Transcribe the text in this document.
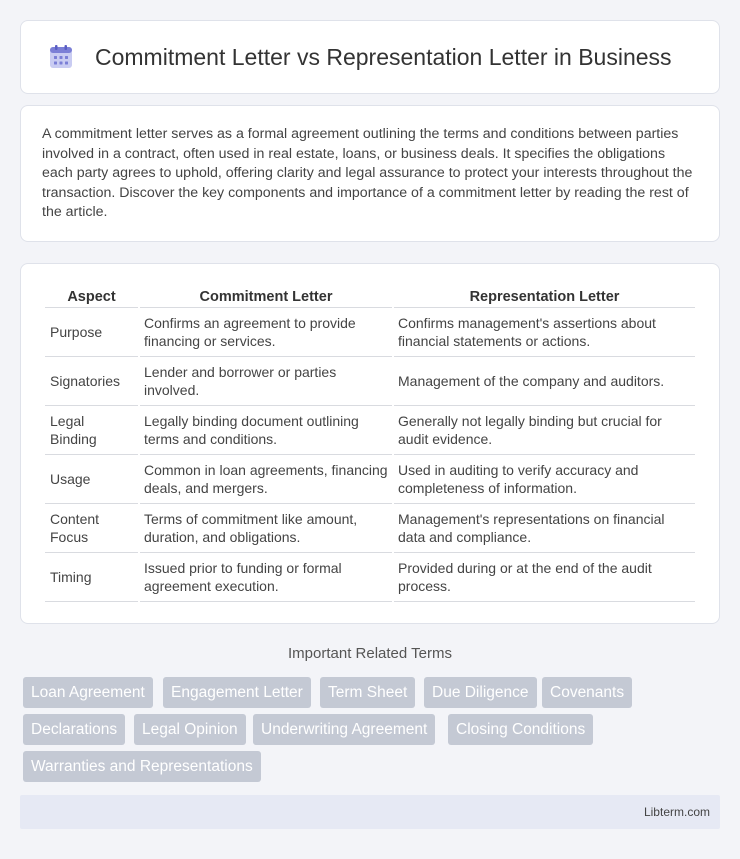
Commitment Letter vs Representation Letter in Business

A commitment letter serves as a formal agreement outlining the terms and conditions between parties involved in a contract, often used in real estate, loans, or business deals. It specifies the obligations each party agrees to uphold, offering clarity and legal assurance to protect your interests throughout the transaction. Discover the key components and importance of a commitment letter by reading the rest of the article.

Aspect	Commitment Letter	Representation Letter
Purpose	Confirms an agreement to provide financing or services.	Confirms management's assertions about financial statements or actions.
Signatories	Lender and borrower or parties involved.	Management of the company and auditors.
Legal Binding	Legally binding document outlining terms and conditions.	Generally not legally binding but crucial for audit evidence.
Usage	Common in loan agreements, financing deals, and mergers.	Used in auditing to verify accuracy and completeness of information.
Content Focus	Terms of commitment like amount, duration, and obligations.	Management's representations on financial data and compliance.
Timing	Issued prior to funding or formal agreement execution.	Provided during or at the end of the audit process.
Important Related Terms
Loan Agreement	Engagement Letter	Term Sheet	Due Diligence	Covenants
Declarations	Legal Opinion	Underwriting Agreement	Closing Conditions
Warranties and Representations
Libterm.com
